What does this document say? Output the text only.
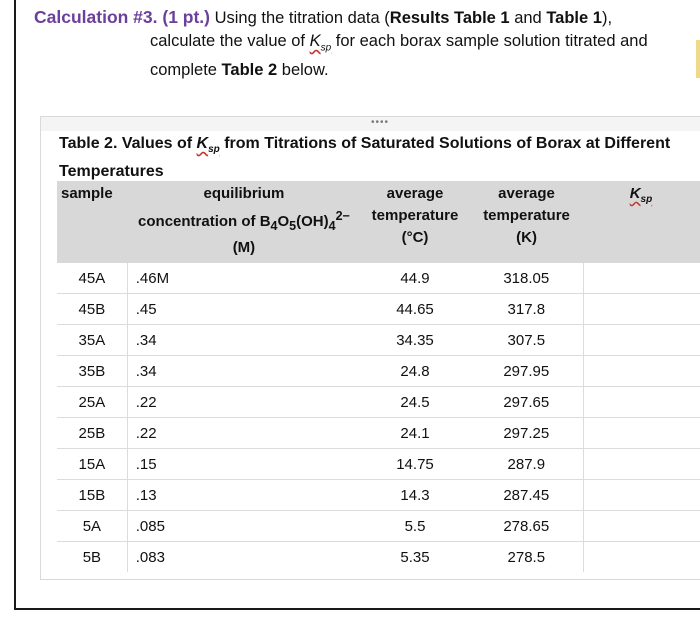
Calculation #3. (1 pt.) Using the titration data (Results Table 1 and Table 1),
calculate the value of $K_{sp}$ for each borax sample solution titrated and
complete Table 2 below.
••••
Table 2. Values of $K_{sp}$ from Titrations of Saturated Solutions of Borax at Different Temperatures
sample	equilibrium
concentration of $B_4O_5(OH)_4^{2-}$
(M)	average
temperature
(°C)	average
temperature
(K)	$K_{sp}$
45A	.46M	44.9	318.05	
45B	.45	44.65	317.8	
35A	.34	34.35	307.5	
35B	.34	24.8	297.95	
25A	.22	24.5	297.65	
25B	.22	24.1	297.25	
15A	.15	14.75	287.9	
15B	.13	14.3	287.45	
5A	.085	5.5	278.65	
5B	.083	5.35	278.5	
